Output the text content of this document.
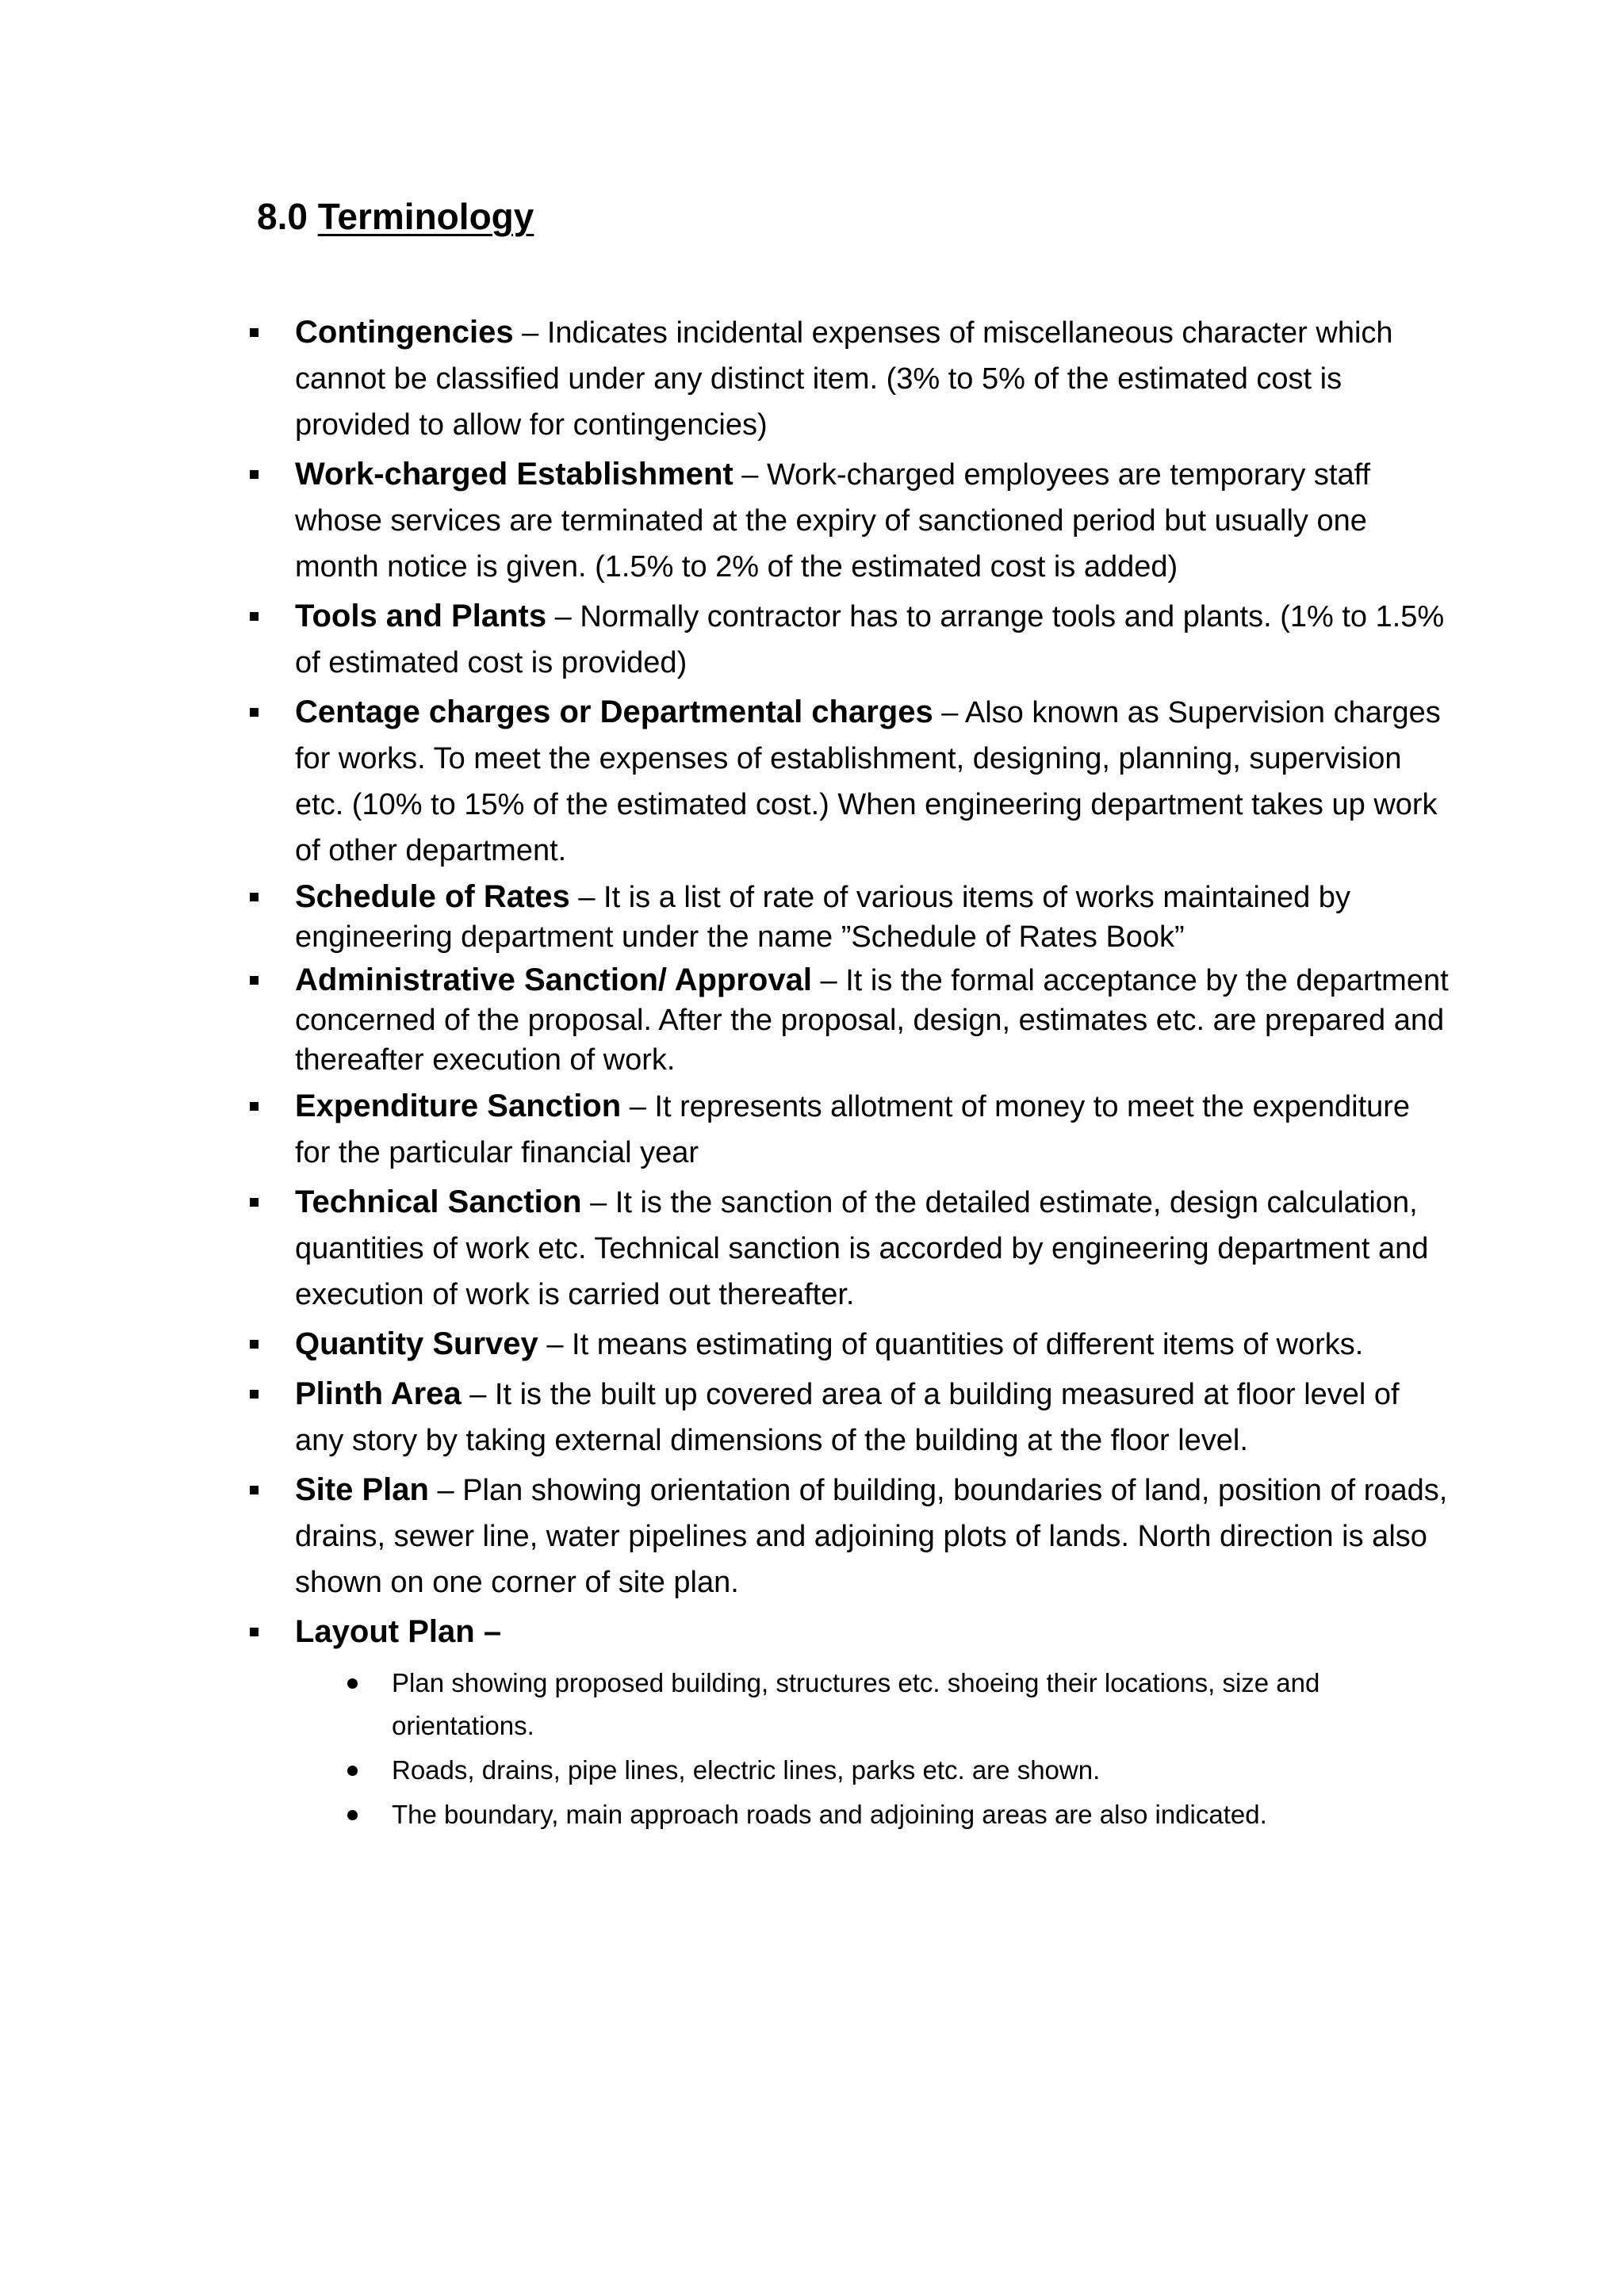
8.0 Terminology
Contingencies – Indicates incidental expenses of miscellaneous character which cannot be classified under any distinct item. (3% to 5% of the estimated cost is provided to allow for contingencies)
Work-charged Establishment – Work-charged employees are temporary staff whose services are terminated at the expiry of sanctioned period but usually one month notice is given. (1.5% to 2% of the estimated cost is added)
Tools and Plants – Normally contractor has to arrange tools and plants. (1% to 1.5% of estimated cost is provided)
Centage charges or Departmental charges – Also known as Supervision charges for works. To meet the expenses of establishment, designing, planning, supervision etc. (10% to 15% of the estimated cost.) When engineering department takes up work of other department.
Schedule of Rates – It is a list of rate of various items of works maintained by engineering department under the name ”Schedule of Rates Book”
Administrative Sanction/ Approval – It is the formal acceptance by the department concerned of the proposal. After the proposal, design, estimates etc. are prepared and thereafter execution of work.
Expenditure Sanction – It represents allotment of money to meet the expenditure for the particular financial year
Technical Sanction – It is the sanction of the detailed estimate, design calculation, quantities of work etc. Technical sanction is accorded by engineering department and execution of work is carried out thereafter.
Quantity Survey – It means estimating of quantities of different items of works.
Plinth Area – It is the built up covered area of a building measured at floor level of any story by taking external dimensions of the building at the floor level.
Site Plan – Plan showing orientation of building, boundaries of land, position of roads, drains, sewer line, water pipelines and adjoining plots of lands. North direction is also shown on one corner of site plan.
Layout Plan –
Plan showing proposed building, structures etc. shoeing their locations, size and orientations.
Roads, drains, pipe lines, electric lines, parks etc. are shown.
The boundary, main approach roads and adjoining areas are also indicated.
